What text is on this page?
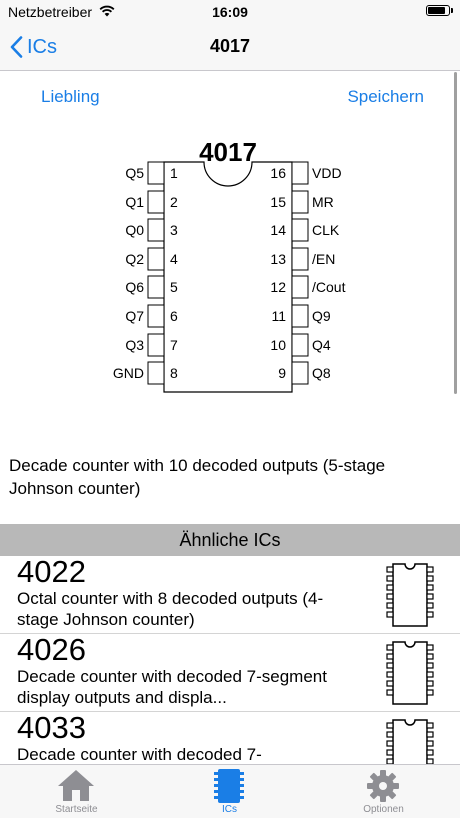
Netzbetreiber	16:09
ICs	4017
Liebling	Speichern
4017
Q5 1
Q1 2
Q0 3
Q2 4
Q6 5
Q7 6
Q3 7
GND 8
VDD
16
MR
15
CLK
14
/EN
13
/Cout
12
Q9
11
Q4
10
Q8
9
Decade counter with 10 decoded outputs (5-stage Johnson counter)
Ähnliche ICs
4022
Octal counter with 8 decoded outputs (4-stage Johnson counter)
4026
Decade counter with decoded 7-segment display outputs and displa...
4033
Decade counter with decoded 7-
Startseite	ICs	Optionen
